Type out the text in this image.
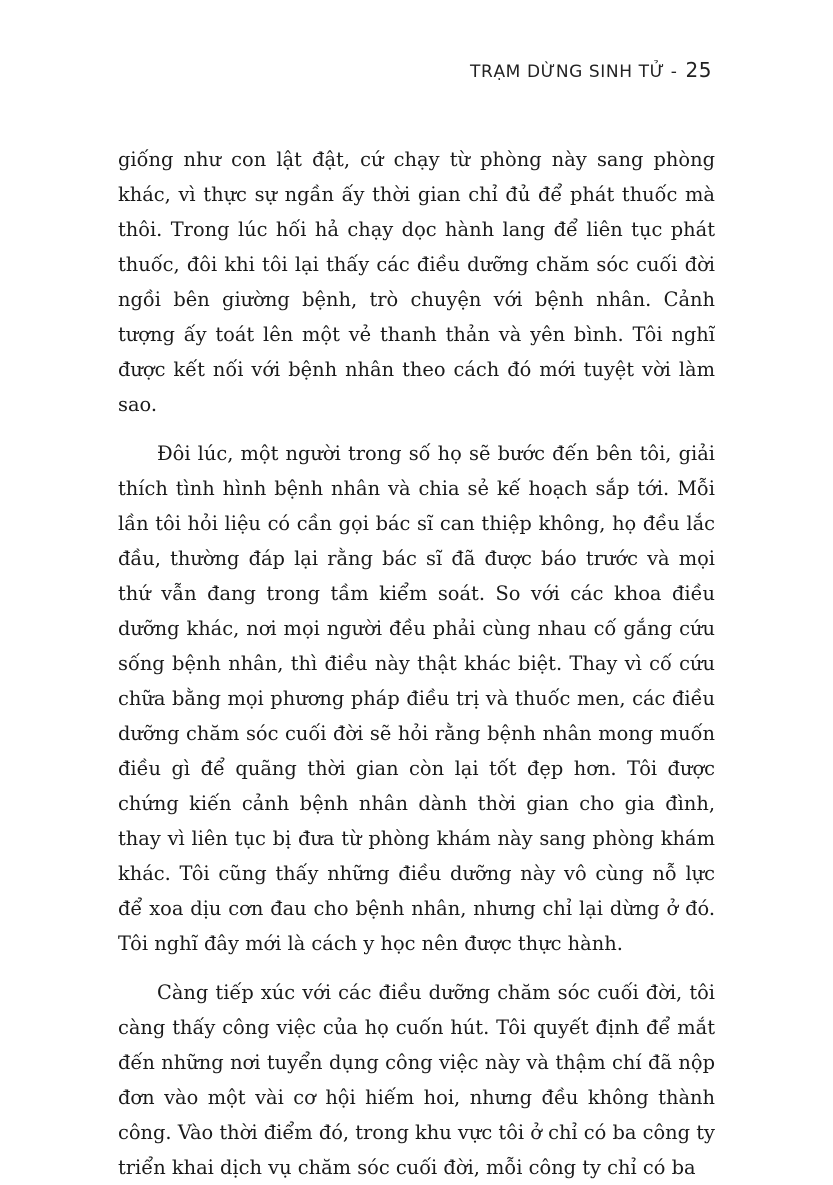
TRẠM DỪNG SINH TỬ - 25

giống như con lật đật, cứ chạy từ phòng này sang phòng khác, vì thực sự ngần ấy thời gian chỉ đủ để phát thuốc mà thôi. Trong lúc hối hả chạy dọc hành lang để liên tục phát thuốc, đôi khi tôi lại thấy các điều dưỡng chăm sóc cuối đời ngồi bên giường bệnh, trò chuyện với bệnh nhân. Cảnh tượng ấy toát lên một vẻ thanh thản và yên bình. Tôi nghĩ được kết nối với bệnh nhân theo cách đó mới tuyệt vời làm sao.

Đôi lúc, một người trong số họ sẽ bước đến bên tôi, giải thích tình hình bệnh nhân và chia sẻ kế hoạch sắp tới. Mỗi lần tôi hỏi liệu có cần gọi bác sĩ can thiệp không, họ đều lắc đầu, thường đáp lại rằng bác sĩ đã được báo trước và mọi thứ vẫn đang trong tầm kiểm soát. So với các khoa điều dưỡng khác, nơi mọi người đều phải cùng nhau cố gắng cứu sống bệnh nhân, thì điều này thật khác biệt. Thay vì cố cứu chữa bằng mọi phương pháp điều trị và thuốc men, các điều dưỡng chăm sóc cuối đời sẽ hỏi rằng bệnh nhân mong muốn điều gì để quãng thời gian còn lại tốt đẹp hơn. Tôi được chứng kiến cảnh bệnh nhân dành thời gian cho gia đình, thay vì liên tục bị đưa từ phòng khám này sang phòng khám khác. Tôi cũng thấy những điều dưỡng này vô cùng nỗ lực để xoa dịu cơn đau cho bệnh nhân, nhưng chỉ lại dừng ở đó. Tôi nghĩ đây mới là cách y học nên được thực hành.

Càng tiếp xúc với các điều dưỡng chăm sóc cuối đời, tôi càng thấy công việc của họ cuốn hút. Tôi quyết định để mắt đến những nơi tuyển dụng công việc này và thậm chí đã nộp đơn vào một vài cơ hội hiếm hoi, nhưng đều không thành công. Vào thời điểm đó, trong khu vực tôi ở chỉ có ba công ty triển khai dịch vụ chăm sóc cuối đời, mỗi công ty chỉ có ba
